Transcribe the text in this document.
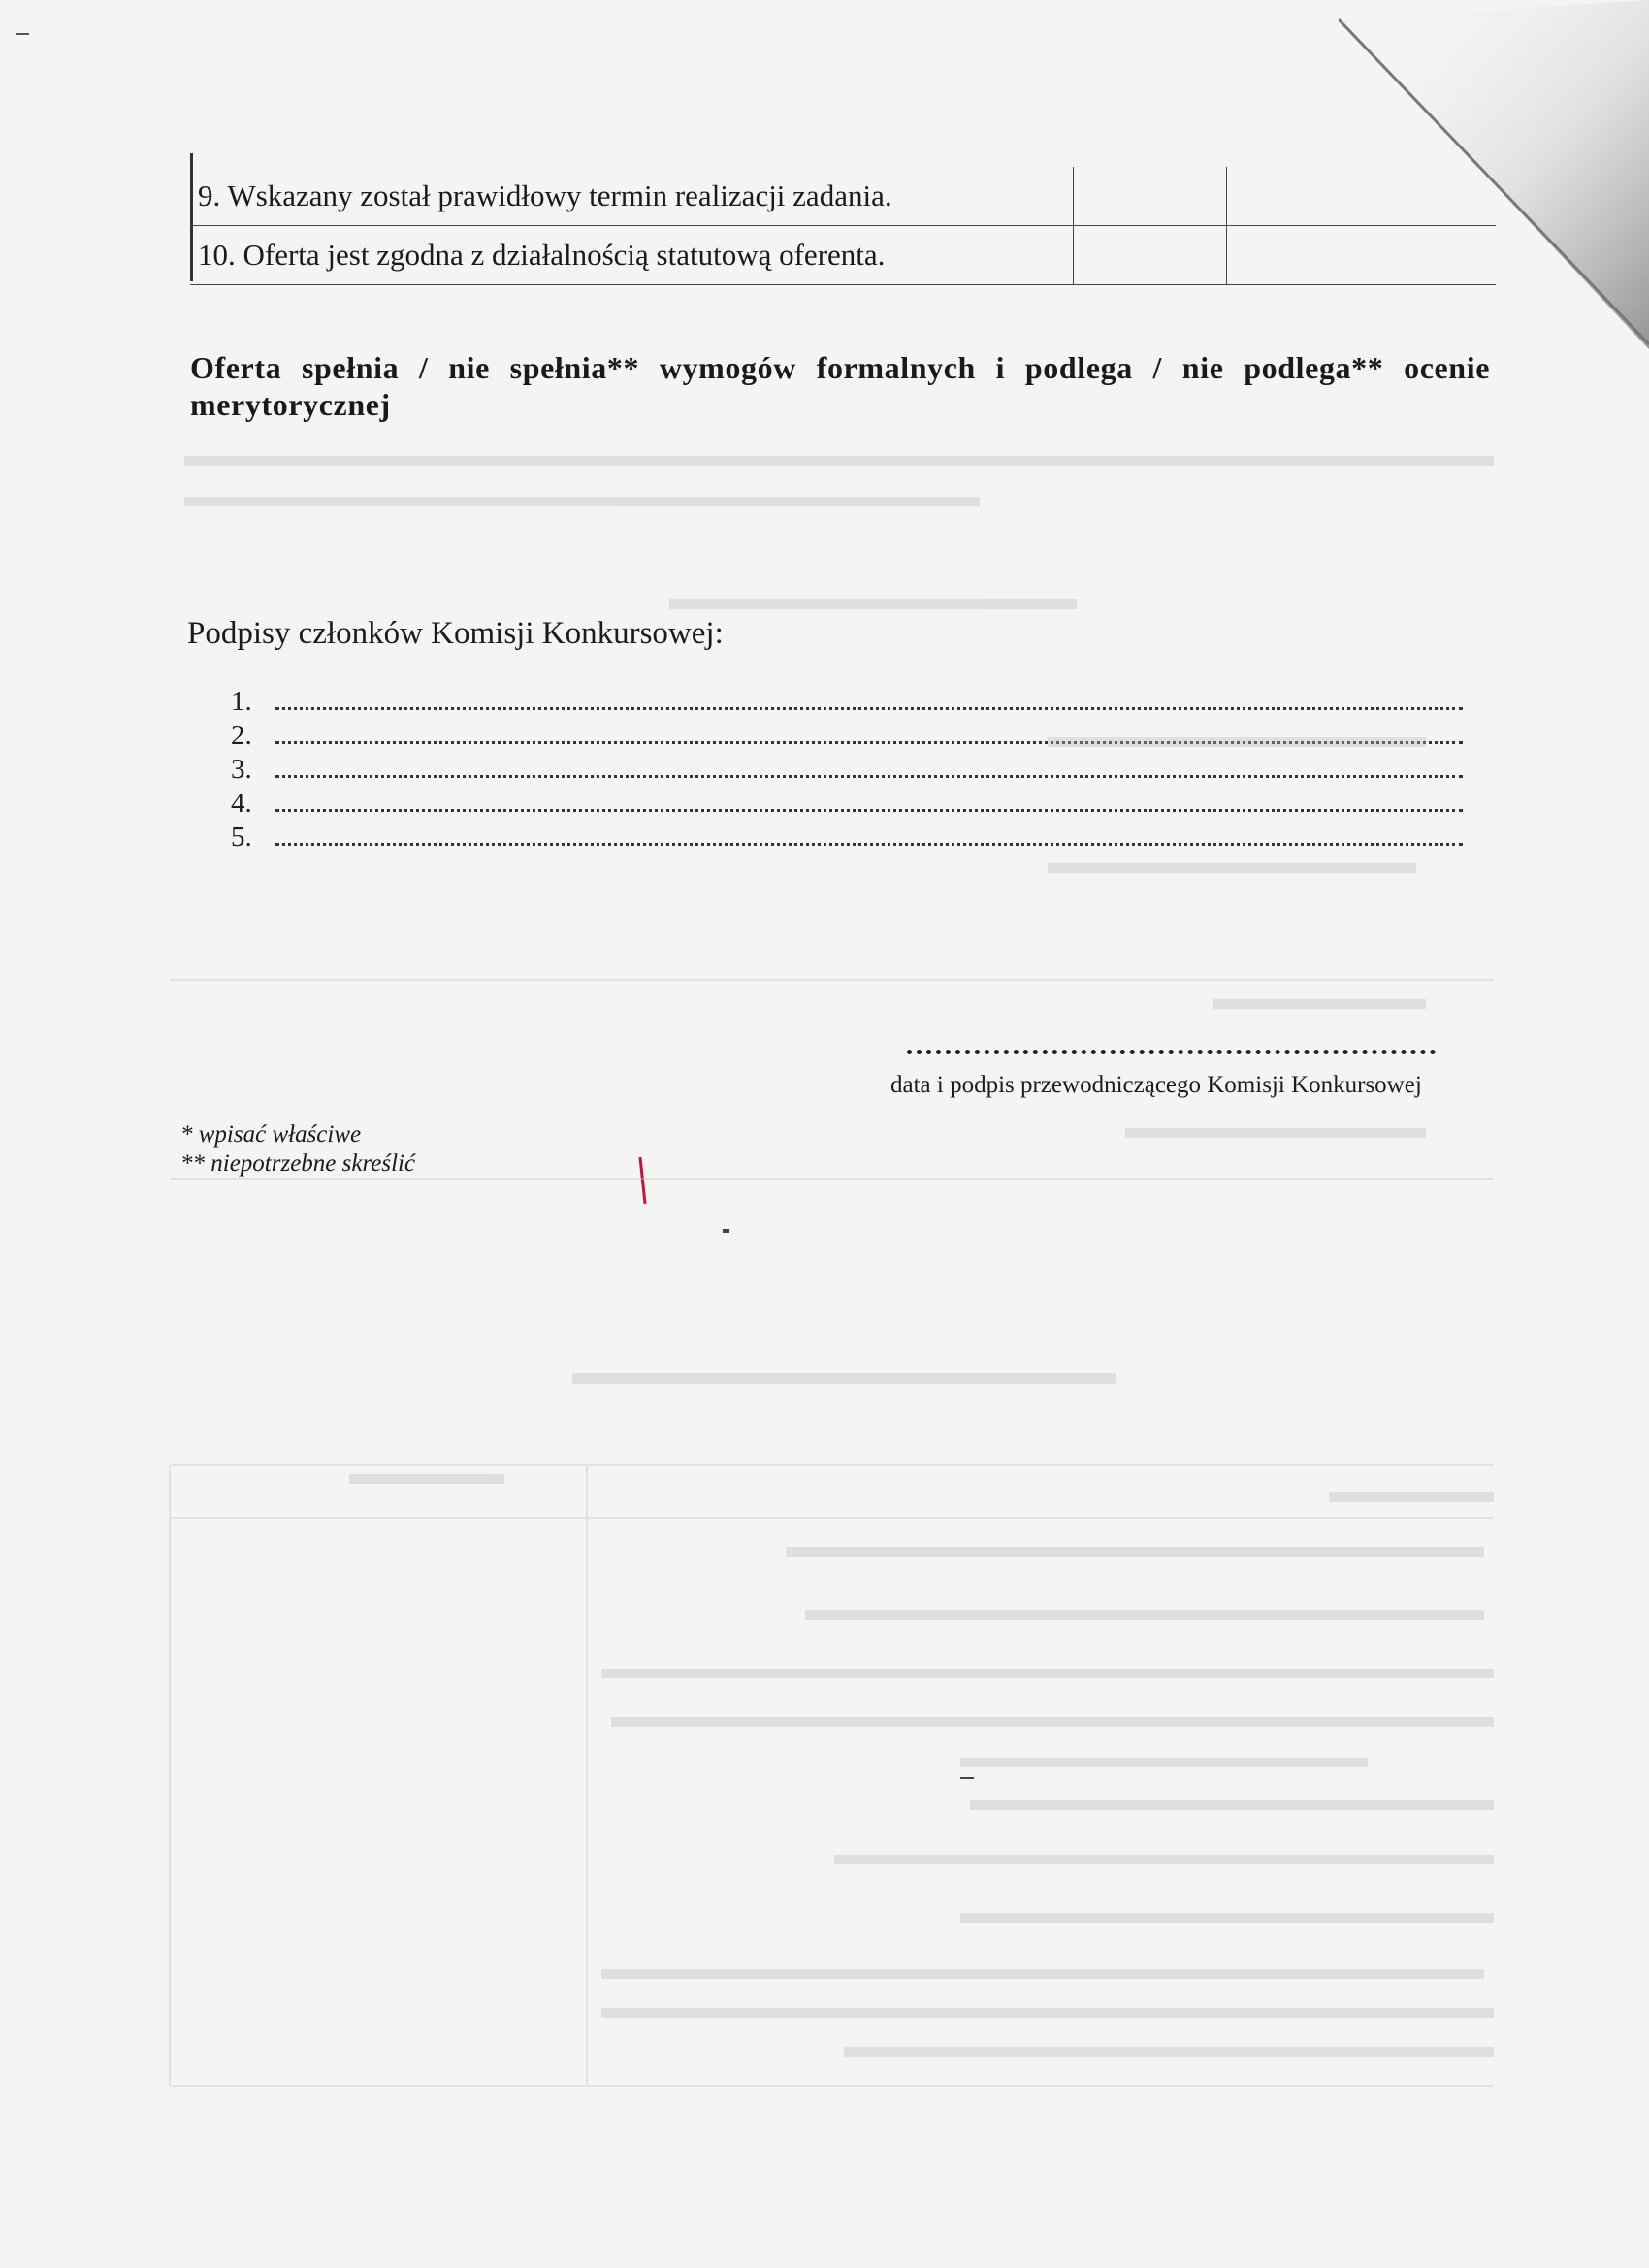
9. Wskazany został prawidłowy termin realizacji zadania.		
10. Oferta jest zgodna z działalnością statutową oferenta.		
Oferta spełnia / nie spełnia** wymogów formalnych i podlega / nie podlega** ocenie merytorycznej
Podpisy członków Komisji Konkursowej:
1.
2.
3.
4.
5.
data i podpis przewodniczącego Komisji Konkursowej
* wpisać właściwe
** niepotrzebne skreślić
